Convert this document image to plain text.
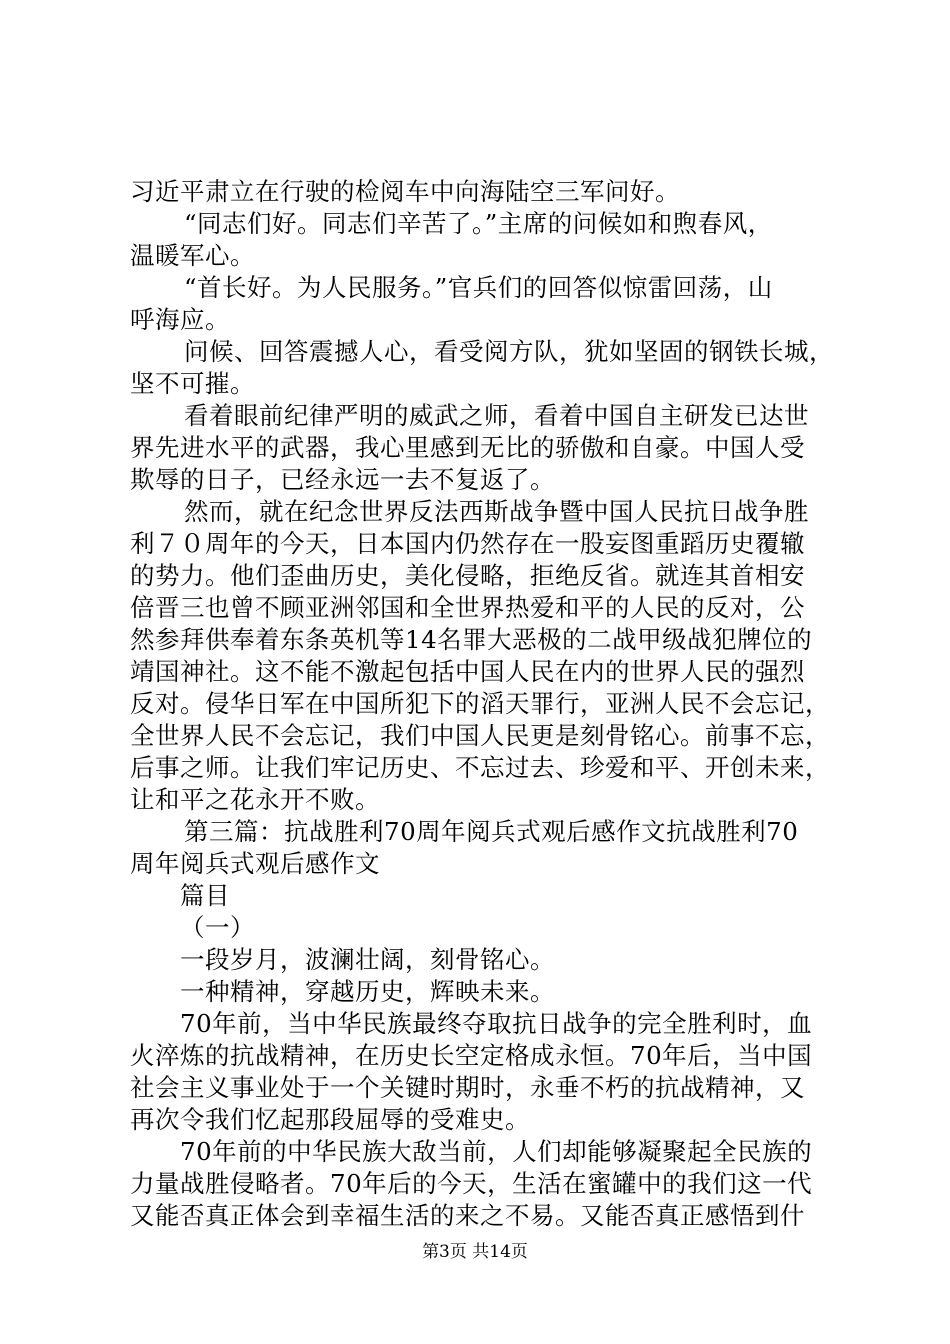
习近平肃立在行驶的检阅车中向海陆空三军问好。
“同志们好。同志们辛苦了。”主席的问候如和煦春风，
温暖军心。
“首长好。为人民服务。”官兵们的回答似惊雷回荡，山
呼海应。
问候、回答震撼人心，看受阅方队，犹如坚固的钢铁长城，
坚不可摧。
看着眼前纪律严明的威武之师，看着中国自主研发已达世
界先进水平的武器，我心里感到无比的骄傲和自豪。中国人受
欺辱的日子，已经永远一去不复返了。
然而，就在纪念世界反法西斯战争暨中国人民抗日战争胜
利７０周年的今天，日本国内仍然存在一股妄图重蹈历史覆辙
的势力。他们歪曲历史，美化侵略，拒绝反省。就连其首相安
倍晋三也曾不顾亚洲邻国和全世界热爱和平的人民的反对，公
然参拜供奉着东条英机等14名罪大恶极的二战甲级战犯牌位的
靖国神社。这不能不激起包括中国人民在内的世界人民的强烈
反对。侵华日军在中国所犯下的滔天罪行，亚洲人民不会忘记，
全世界人民不会忘记，我们中国人民更是刻骨铭心。前事不忘，
后事之师。让我们牢记历史、不忘过去、珍爱和平、开创未来，
让和平之花永开不败。
第三篇：抗战胜利70周年阅兵式观后感作文抗战胜利70
周年阅兵式观后感作文
篇目
（一）
一段岁月，波澜壮阔，刻骨铭心。
一种精神，穿越历史，辉映未来。
70年前，当中华民族最终夺取抗日战争的完全胜利时，血
火淬炼的抗战精神，在历史长空定格成永恒。70年后，当中国
社会主义事业处于一个关键时期时，永垂不朽的抗战精神，又
再次令我们忆起那段屈辱的受难史。
70年前的中华民族大敌当前，人们却能够凝聚起全民族的
力量战胜侵略者。70年后的今天，生活在蜜罐中的我们这一代
又能否真正体会到幸福生活的来之不易。又能否真正感悟到什
第3页 共14页
